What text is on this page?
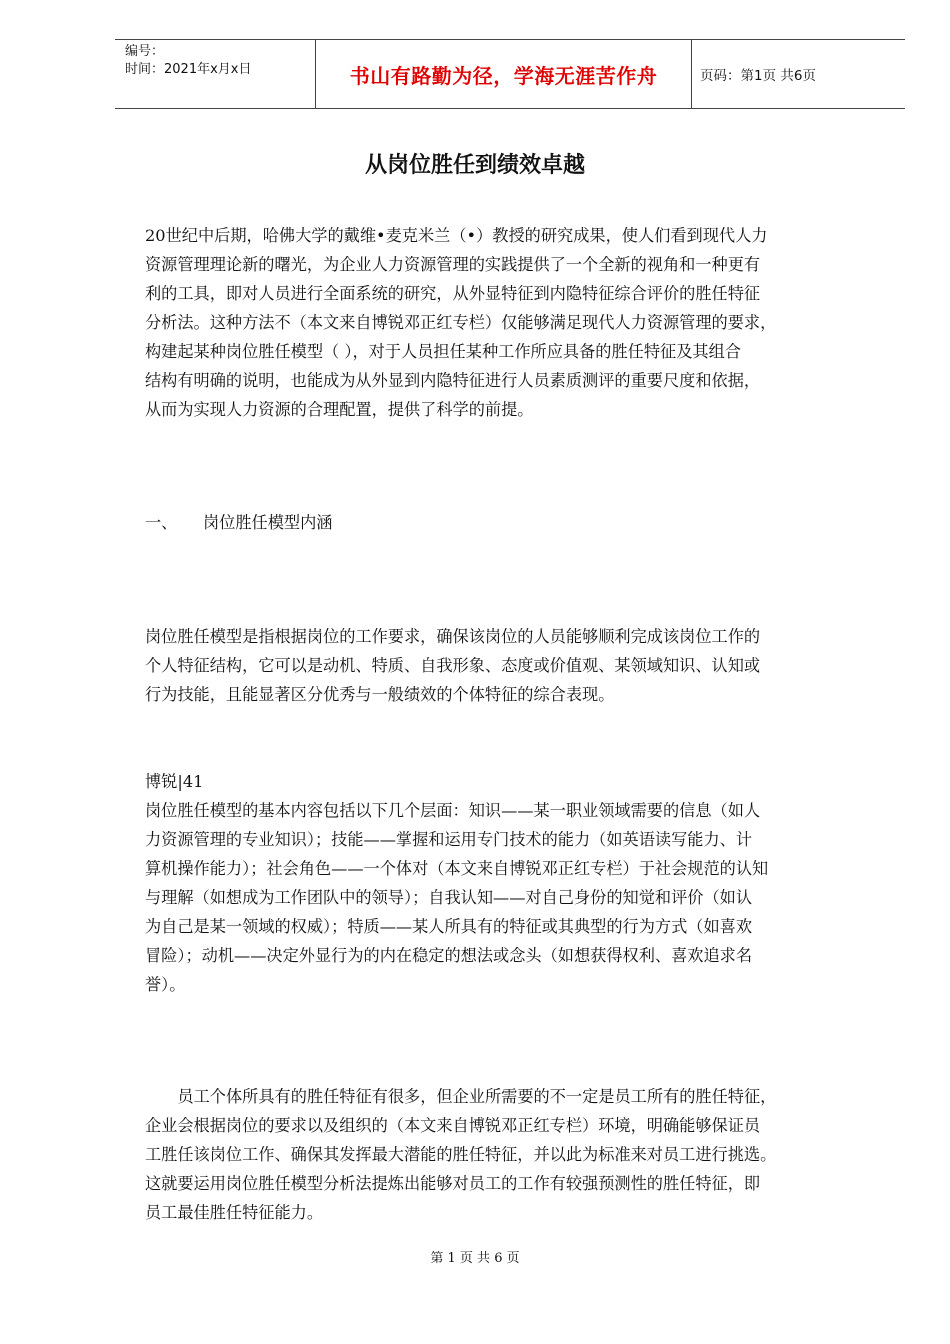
编号：
时间：2021年x月x日	书山有路勤为径，学海无涯苦作舟	页码：第1页 共6页
从岗位胜任到绩效卓越
20世纪中后期，哈佛大学的戴维•麦克米兰（•）教授的研究成果，使人们看到现代人力
资源管理理论新的曙光，为企业人力资源管理的实践提供了一个全新的视角和一种更有
利的工具，即对人员进行全面系统的研究，从外显特征到内隐特征综合评价的胜任特征
分析法。这种方法不（本文来自博锐邓正红专栏）仅能够满足现代人力资源管理的要求，
构建起某种岗位胜任模型（ ），对于人员担任某种工作所应具备的胜任特征及其组合
结构有明确的说明，也能成为从外显到内隐特征进行人员素质测评的重要尺度和依据，
从而为实现人力资源的合理配置，提供了科学的前提。
一、 岗位胜任模型内涵
岗位胜任模型是指根据岗位的工作要求，确保该岗位的人员能够顺利完成该岗位工作的
个人特征结构，它可以是动机、特质、自我形象、态度或价值观、某领域知识、认知或
行为技能，且能显著区分优秀与一般绩效的个体特征的综合表现。
博锐|41
岗位胜任模型的基本内容包括以下几个层面：知识——某一职业领域需要的信息（如人
力资源管理的专业知识）；技能——掌握和运用专门技术的能力（如英语读写能力、计
算机操作能力）；社会角色——一个体对（本文来自博锐邓正红专栏）于社会规范的认知
与理解（如想成为工作团队中的领导）；自我认知——对自己身份的知觉和评价（如认
为自己是某一领域的权威）；特质——某人所具有的特征或其典型的行为方式（如喜欢
冒险）；动机——决定外显行为的内在稳定的想法或念头（如想获得权利、喜欢追求名
誉）。
员工个体所具有的胜任特征有很多，但企业所需要的不一定是员工所有的胜任特征，
企业会根据岗位的要求以及组织的（本文来自博锐邓正红专栏）环境，明确能够保证员
工胜任该岗位工作、确保其发挥最大潜能的胜任特征，并以此为标准来对员工进行挑选。
这就要运用岗位胜任模型分析法提炼出能够对员工的工作有较强预测性的胜任特征，即
员工最佳胜任特征能力。
第 1 页 共 6 页
